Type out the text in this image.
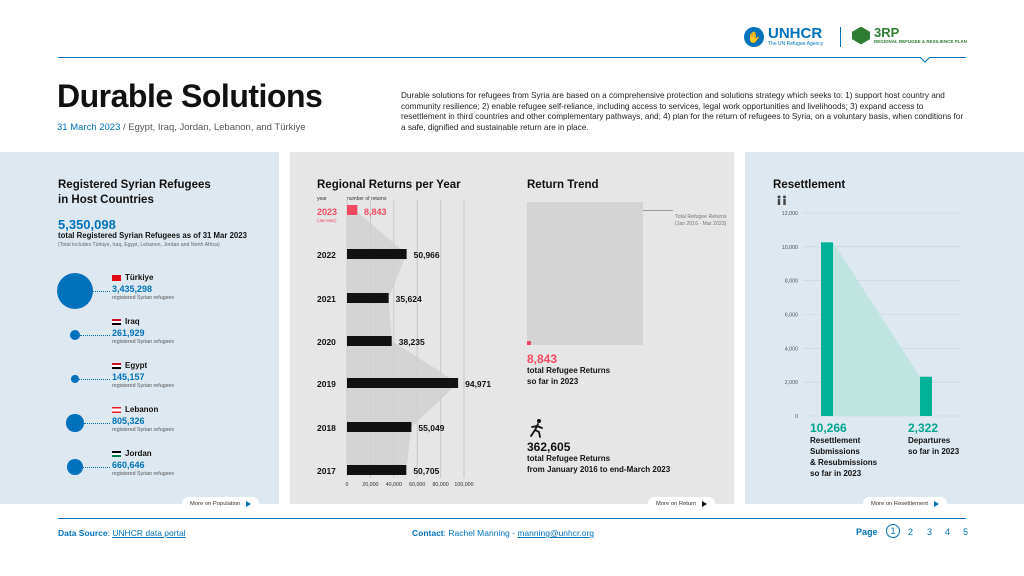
✋ UNHCR
The UN Refugee Agency
3RP
REGIONAL REFUGEE & RESILIENCE PLAN
Durable Solutions
31 March 2023 / Egypt, Iraq, Jordan, Lebanon, and Türkiye
Durable solutions for refugees from Syria are based on a comprehensive protection and solutions strategy which seeks to: 1) support host country and community resilience; 2) enable refugee self-reliance, including access to services, legal work opportunities and livelihoods; 3) expand access to resettlement in third countries and other complementary pathways, and; 4) plan for the return of refugees to Syria, on a voluntary basis, when conditions for a safe, dignified and sustainable return are in place.
Registered Syrian Refugees
in Host Countries
5,350,098
total Registered Syrian Refugees as of 31 Mar 2023
(Total includes Türkiye, Iraq, Egypt, Lebanon, Jordan and North Africa)
Türkiye
3,435,298
registered Syrian refugees
Iraq
261,929
registered Syrian refugees
Egypt
145,157
registered Syrian refugees
Lebanon
805,326
registered Syrian refugees
Jordan
660,646
registered Syrian refugees
More on Population
Regional Returns per Year
year	number of returns
0	20,000 40,000 60,000 80,000 100,000
2023
(Jan-Mar)
8,843
2022	50,966
2021	35,624
2020	38,235
2019	94,971
2018	55,049
2017	50,705
Return Trend
Total Refugee Returns (Jan 2016 - Mar 2023)
8,843
total Refugee Returns
so far in 2023
362,605
total Refugee Returns
from January 2016 to end-March 2023
More on Return
Resettlement
12,000
10,000
8,000
6,000
4,000
2,000
0
10,266
Resettlement
Submissions
& Resubmissions
so far in 2023
2,322
Departures
so far in 2023
More on Resettlement
Data Source: UNHCR data portal	Contact: Rachel Manning - manning@unhcr.org	Page	1	2 3 4 5
